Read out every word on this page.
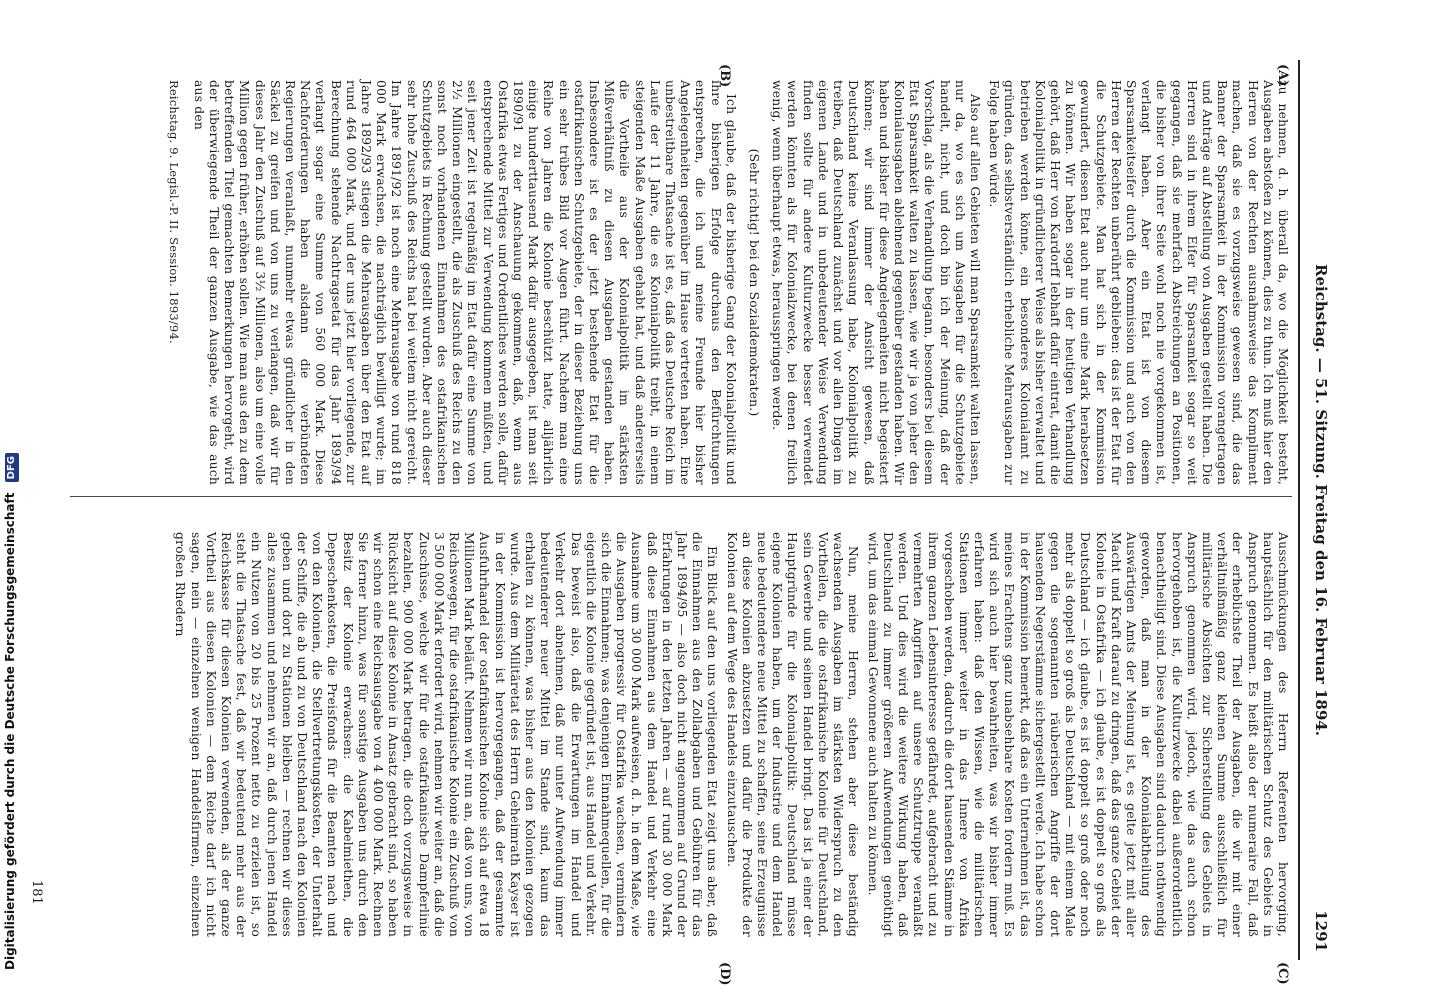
Reichstag. — 51. Sitzung. Freitag den 16. Februar 1894.
1291
(A)
(B)
(C)
(D)

zu nehmen, d. h. überall da, wo die Möglichkeit besteht, Ausgaben abstoßen zu können, dies zu thun. Ich muß hier den Herren von der Rechten ausnahmsweise das Kompliment machen, daß sie es vorzugsweise gewesen sind, die das Banner der Sparsamkeit in der Kommission vorangetragen und Anträge auf Abstellung von Ausgaben gestellt haben. Die Herren sind in ihrem Eifer für Sparsamkeit sogar so weit gegangen, daß sie mehrfach Abstreichungen an Positionen, die bisher von ihrer Seite wohl noch nie vorgekommen ist, verlangt haben. Aber ein Etat ist von diesem Sparsamkeitseifer durch die Kommission und auch von den Herren der Rechten unberührt geblieben: das ist der Etat für die Schutzgebiete. Man hat sich in der Kommission gewundert, diesen Etat auch nur um eine Mark herabsetzen zu können. Wir haben sogar in der heutigen Verhandlung gehört, daß Herr von Kardorff lebhaft dafür eintrat, damit die Kolonialpolitik in gründlicherer Weise als bisher verwaltet und betrieben werden könne, ein besonderes Kolonialamt zu gründen, das selbstverständlich erhebliche Mehrausgaben zur Folge haben würde.

Also auf allen Gebieten will man Sparsamkeit walten lassen, nur da, wo es sich um Ausgaben für die Schutzgebiete handelt, nicht, und doch bin ich der Meinung, daß der Vorschlag, als die Verhandlung begann, besonders bei diesem Etat Sparsamkeit walten zu lassen, wie wir ja von jeher den Kolonialausgaben ablehnend gegenüber gestanden haben. Wir haben und bisher für diese Angelegenheiten nicht begeistert können; wir sind immer der Ansicht gewesen, daß Deutschland keine Veranlassung habe, Kolonialpolitik zu treiben, daß Deutschland zunächst und vor allen Dingen im eigenen Lande und in unbedeutender Weise Verwendung finden sollte für andere Kulturzwecke besser verwendet werden könnten als für Kolonialzwecke, bei denen freilich wenig, wenn überhaupt etwas, herausspringen werde.

(Sehr richtig! bei den Sozialdemokraten.)

Ich glaube, daß der bisherige Gang der Kolonialpolitik und ihre bisherigen Erfolge durchaus den Befürchtungen entsprechen, die ich und meine Freunde hier bisher Angelegenheiten gegenüber im Hause vertreten haben. Eine unbestreitbare Thatsache ist es, daß das Deutsche Reich im Laufe der 11 Jahre, die es Kolonialpolitik treibt, in einem steigenden Maße Ausgaben gehabt hat, und daß andererseits die Vortheile aus der Kolonialpolitik im stärksten Mißverhältniß zu diesen Ausgaben gestanden haben. Insbesondere ist es der jetzt bestehende Etat für die ostafrikanischen Schutzgebiete, der in dieser Beziehung uns ein sehr trübes Bild vor Augen führt. Nachdem man eine Reihe von Jahren die Kolonie beschützt hatte, alljährlich einige hunderttausend Mark dafür ausgegeben, ist man seit 1890/91 zu der Anschauung gekommen, daß, wenn aus Ostafrika etwas Fertiges und Ordentliches werden solle, dafür entsprechende Mittel zur Verwendung kommen müßten, und seit jener Zeit ist regelmäßig im Etat dafür eine Summe von 2½ Millionen eingestellt, die als Zuschuß des Reichs zu den sonst noch vorhandenen Einnahmen des ostafrikanischen Schutzgebiets in Rechnung gestellt wurden. Aber auch dieser sehr hohe Zuschuß des Reichs hat bei weitem nicht gereicht. Im Jahre 1891/92 ist noch eine Mehrausgabe von rund 818 000 Mark erwachsen, die nachträglich bewilligt wurde; im Jahre 1892/93 stiegen die Mehrausgaben über den Etat auf rund 464 000 Mark, und der uns jetzt hier vorliegende, zur Berechnung stehende Nachtragsetat für das Jahr 1893/94 verlangt sogar eine Summe von 560 000 Mark. Diese Nachforderungen haben alsdann die verbündeten Regierungen veranlaßt, nunmehr etwas gründlicher in den Säckel zu greifen und von uns zu verlangen, daß wir für dieses Jahr den Zuschuß auf 3½ Millionen, also um eine volle Million gegen früher, erhöhen sollen. Wie man aus den zu dem betreffenden Titel gemachten Bemerkungen hervorgeht, wird der überwiegende Theil der ganzen Ausgabe, wie das auch aus den

Reichstag. 9. Legisl.-P. II. Session. 1893/94.

Ausschmückungen des Herrn Referenten hervorging, hauptsächlich für den militärischen Schutz des Gebiets in Anspruch genommen. Es heißt also der numeraire Fall, daß der erheblichste Theil der Ausgaben, die wir mit einer verhältnißmäßig ganz kleinen Summe ausschließlich für militärische Absichten zur Sicherstellung des Gebiets in Anspruch genommen wird, jedoch, wie das auch schon hervorgehoben ist, die Kulturzwecke dabei außerordentlich benachtheiligt sind. Diese Ausgaben sind dadurch nothwendig geworden, daß man in der Kolonialabtheilung des Auswärtigen Amts der Meinung ist, es gelte jetzt mit aller Macht und Kraft darauf zu dringen, daß das ganze Gebiet der Kolonie in Ostafrika — ich glaube, es ist doppelt so groß als Deutschland — ich glaube, es ist doppelt so groß oder noch mehr als doppelt so groß als Deutschland — mit einem Male gegen die sogenannten räuberischen Angriffe der dort hausenden Negerstämme sichergestellt werde. Ich habe schon in der Kommission bemerkt, daß das ein Unternehmen ist, das meines Erachtens ganz unabsehbare Kosten fordern muß. Es wird sich auch hier bewahrheiten, was wir bisher immer erfahren haben: daß den Wissen, wie die militärischen Stationen immer weiter in das Innere von Afrika vorgeschoben werden, dadurch die dort hausenden Stämme in ihrem ganzen Lebensinteresse gefährdet, aufgebracht und zu vermehrten Angriffen auf unsere Schutztruppe veranlaßt werden. Und dies wird die weitere Wirkung haben, daß Deutschland zu immer größeren Aufwendungen genöthigt wird, um das einmal Gewonnene auch halten zu können.

Nun, meine Herren, stehen aber diese beständig wachsenden Ausgaben im stärksten Widerspruch zu den Vortheilen, die die ostafrikanische Kolonie für Deutschland, sein Gewerbe und seinen Handel bringt. Das ist ja einer der Hauptgründe für die Kolonialpolitik: Deutschland müsse eigene Kolonien haben, um der Industrie und dem Handel neue bedeutendere neue Mittel zu schaffen, seine Erzeugnisse an diese Kolonien abzusetzen und dafür die Produkte der Kolonien auf dem Wege des Handels einzutauschen.

Ein Blick auf den uns vorliegenden Etat zeigt uns aber, daß die Einnahmen aus den Zollabgaben und Gebühren für das Jahr 1894/95 — also doch nicht angenommen auf Grund der Erfahrungen in den letzten Jahren — auf rund 30 000 Mark daß diese Einnahmen aus dem Handel und Verkehr eine Ausnahme um 30 000 Mark aufweisen, d. h. in dem Maße, wie die Ausgaben progressiv für Ostafrika wachsen, vermindern sich die Einnahmen; was denjenigen Einnahmequellen, für die eigentlich die Kolonie gegründet ist, aus Handel und Verkehr. Das beweist also, daß die Erwartungen im Handel und Verkehr dort abnehmen, daß nur unter Aufwendung immer bedeutenderer neuer Mittel im Stande sind, kaum das erhalten zu können, was bisher aus den Kolonien gezogen wurde. Aus dem Militäretat des Herrn Geheimrath Kayser ist in der Kommission ist hervorgegangen, daß der gesammte Ausfuhrhandel der ostafrikanischen Kolonie sich auf etwa 18 Millionen Mark beläuft. Nehmen wir nun an, daß von uns, von Reichswegen, für die ostafrikanische Kolonie ein Zuschuß von 3 500 000 Mark erfordert wird, nehmen wir weiter an, daß die Zuschüsse, welche wir für die ostafrikanische Dampferlinie bezahlen, 900 000 Mark betragen, die doch vorzugsweise in Rücksicht auf diese Kolonie in Ansatz gebracht sind, so haben wir schon eine Reichsausgabe von 4 400 000 Mark. Rechnen Sie ferner hinzu, was für sonstige Ausgaben uns durch den Besitz der Kolonie erwachsen: die Kabelmiethen, die Depeschenkosten, die Preisfonds für die Beamten nach und von den Kolonien, die Stellvertretungskosten, der Unterhalt der Schiffe, die ab und zu von Deutschland nach den Kolonien geben und dort zu Stationen bleiben — rechnen wir dieses alles zusammen und nehmen wir an, daß durch jenen Handel ein Nutzen von 20 bis 25 Prozent netto zu erzielen ist, so steht die Thatsache fest, daß wir bedeutend mehr aus der Reichskasse für diesen Kolonien verwenden, als der ganze Vortheil aus diesen Kolonien — dem Reiche darf ich nicht sagen, nein — einzelnen wenigen Handelsfirmen, einzelnen großen Rhedern

181
Digitalisierung gefördert durch die Deutsche Forschungsgemeinschaft DFG
